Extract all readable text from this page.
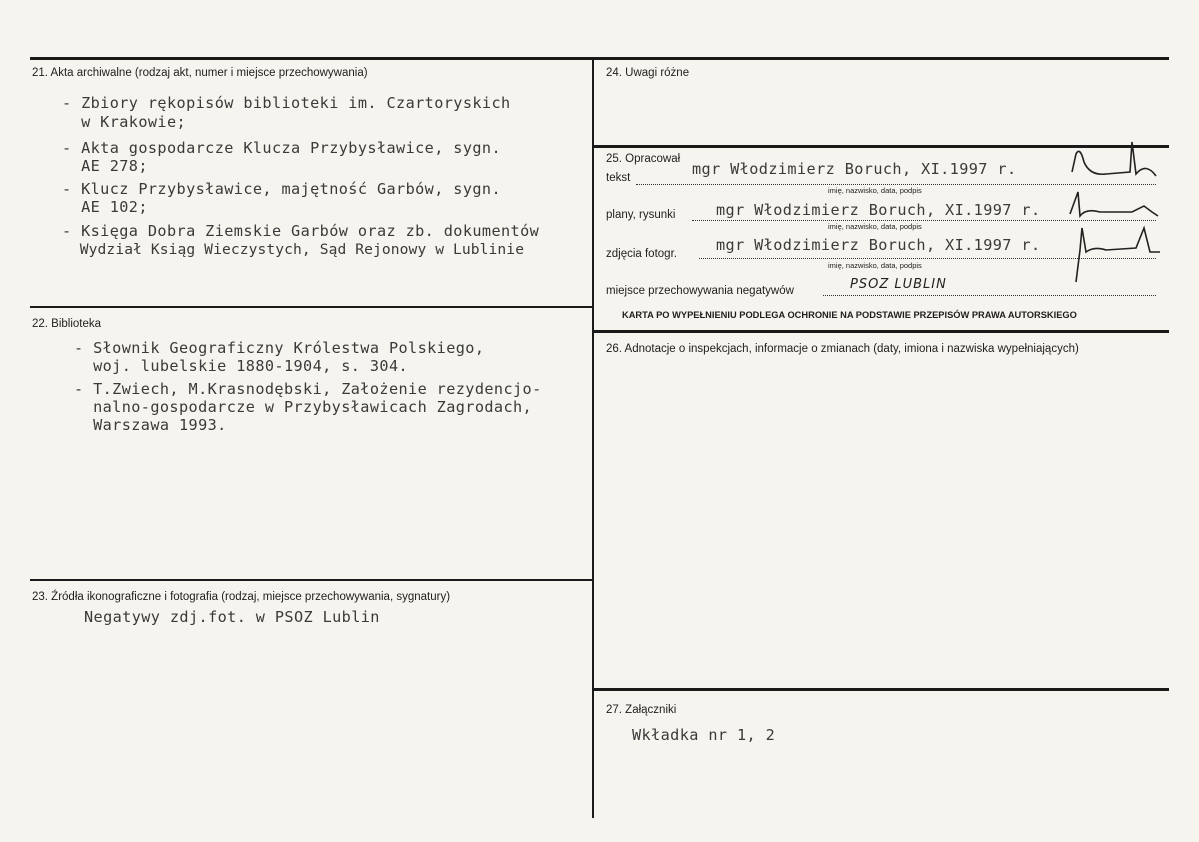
21. Akta archiwalne (rodzaj akt, numer i miejsce przechowywania)
- Zbiory rękopisów biblioteki im. Czartoryskich
w Krakowie;
- Akta gospodarcze Klucza Przybysławice, sygn.
AE 278;
- Klucz Przybysławice, majętność Garbów, sygn.
AE 102;
- Księga Dobra Ziemskie Garbów oraz zb. dokumentów
Wydział Ksiąg Wieczystych, Sąd Rejonowy w Lublinie
22. Biblioteka
- Słownik Geograficzny Królestwa Polskiego,
woj. lubelskie 1880-1904, s. 304.
- T.Zwiech, M.Krasnodębski, Założenie rezydencjo-
nalno-gospodarcze w Przybysławicach Zagrodach,
Warszawa 1993.
23. Źródła ikonograficzne i fotografia (rodzaj, miejsce przechowywania, sygnatury)
Negatywy zdj.fot. w PSOZ Lublin
24. Uwagi różne
25. Opracował
tekst	mgr Włodzimierz Boruch, XI.1997 r.
imię, nazwisko, data, podpis
plany, rysunki	mgr Włodzimierz Boruch, XI.1997 r.
imię, nazwisko, data, podpis
zdjęcia fotogr.	mgr Włodzimierz Boruch, XI.1997 r.
imię, nazwisko, data, podpis
miejsce przechowywania negatywów	PSOZ LUBLIN
KARTA PO WYPEŁNIENIU PODLEGA OCHRONIE NA PODSTAWIE PRZEPISÓW PRAWA AUTORSKIEGO
26. Adnotacje o inspekcjach, informacje o zmianach (daty, imiona i nazwiska wypełniających)
27. Załączniki
Wkładka nr 1, 2
